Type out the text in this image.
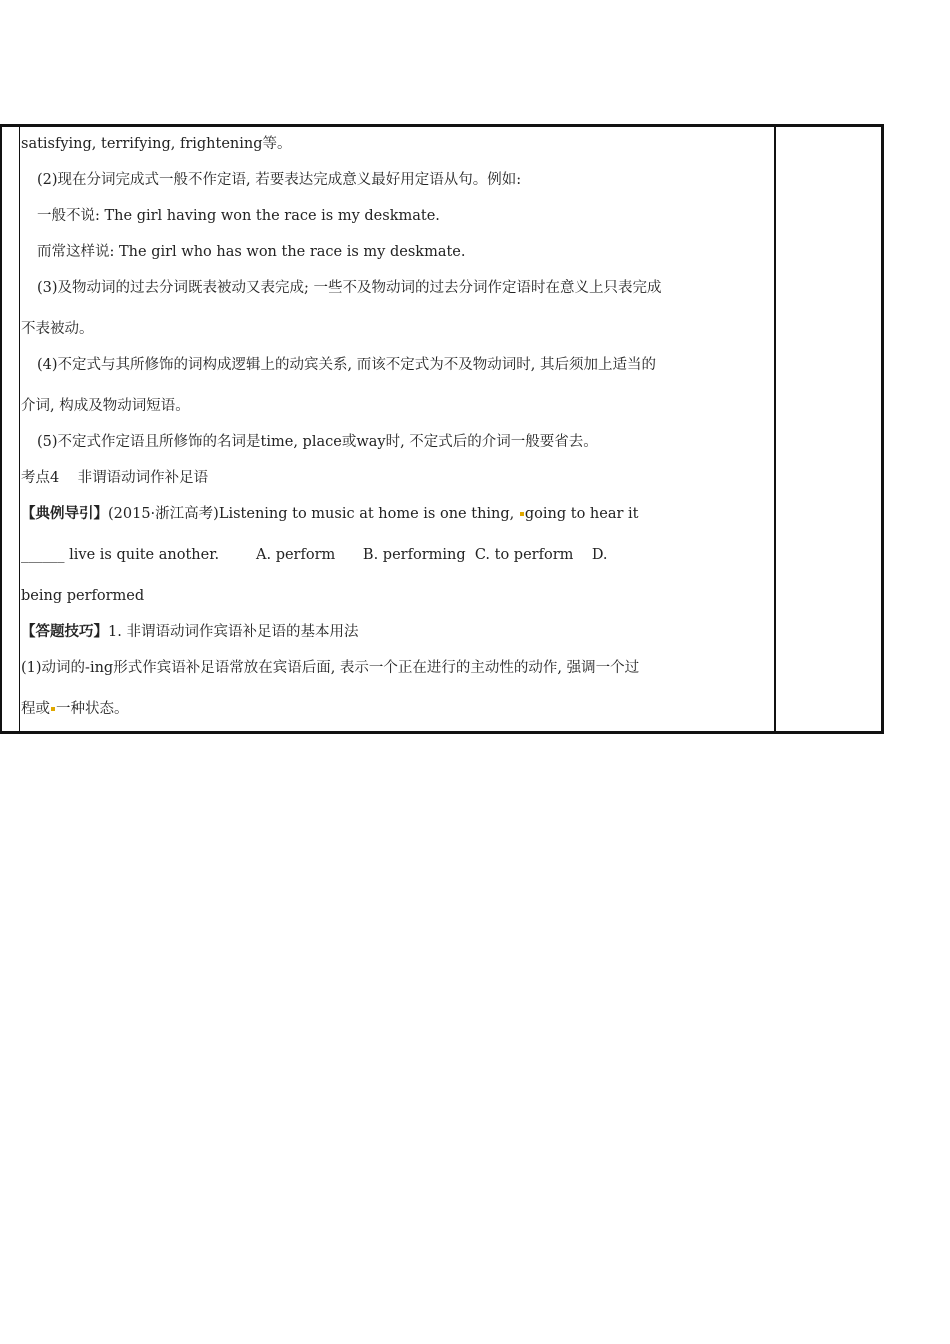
satisfying, terrifying, frightening等。
(2)现在分词完成式一般不作定语, 若要表达完成意义最好用定语从句。例如:
一般不说: The girl having won the race is my deskmate.
而常这样说: The girl who has won the race is my deskmate.
(3)及物动词的过去分词既表被动又表完成; 一些不及物动词的过去分词作定语时在意义上只表完成
不表被动。
(4)不定式与其所修饰的词构成逻辑上的动宾关系, 而该不定式为不及物动词时, 其后须加上适当的
介词, 构成及物动词短语。
(5)不定式作定语且所修饰的名词是time, place或way时, 不定式后的介词一般要省去。
考点4    非谓语动词作补足语
【典例导引】(2015·浙江高考)Listening to music at home is one thing, going to hear it
______ live is quite another.        A. perform      B. performing  C. to perform    D.
being performed
【答题技巧】1. 非谓语动词作宾语补足语的基本用法
(1)动词的-ing形式作宾语补足语常放在宾语后面, 表示一个正在进行的主动性的动作, 强调一个过
程或 一种状态。
